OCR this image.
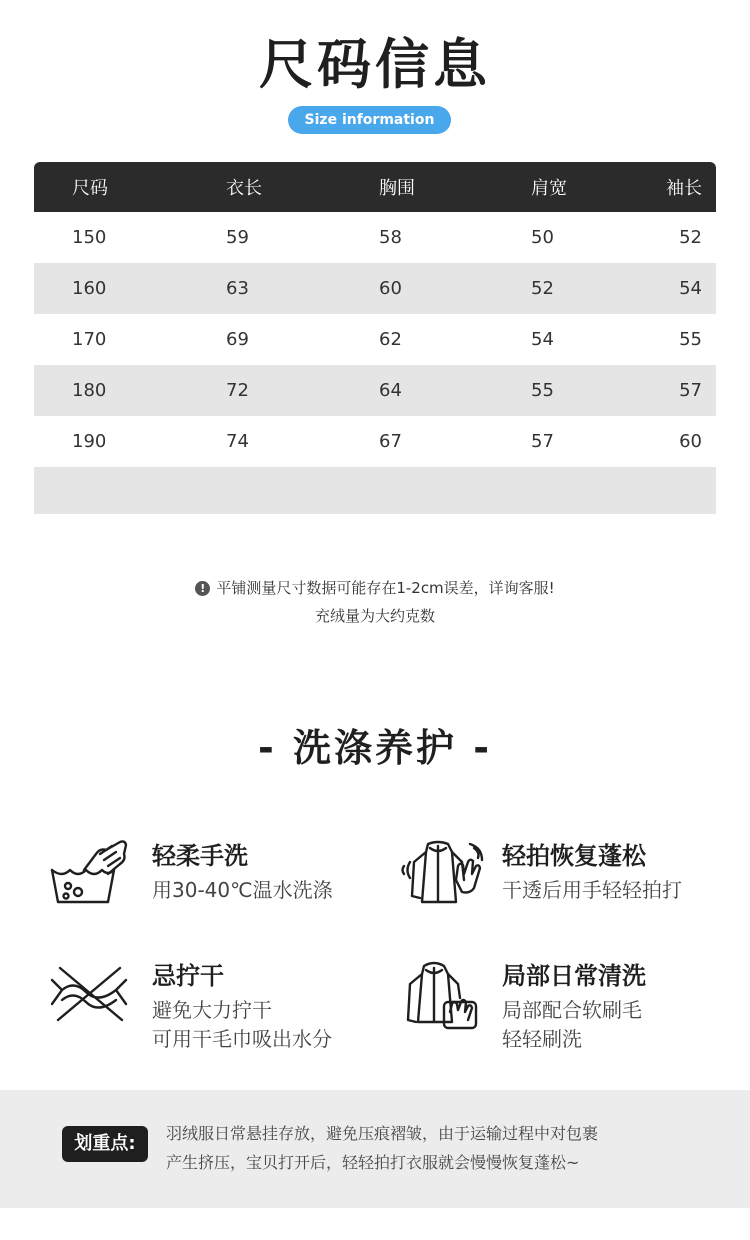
尺码信息
Size information
尺码	衣长	胸围	肩宽	袖长
150	59	58	50	52
160	63	60	52	54
170	69	62	54	55
180	72	64	55	57
190	74	67	57	60
! 平铺测量尺寸数据可能存在1-2cm误差，详询客服!
充绒量为大约克数
- 洗涤养护 -
轻柔手洗
用30-40℃温水洗涤
轻拍恢复蓬松
干透后用手轻轻拍打
忌拧干
避免大力拧干
可用干毛巾吸出水分
局部日常清洗
局部配合软刷毛
轻轻刷洗
划重点:	羽绒服日常悬挂存放，避免压痕褶皱，由于运输过程中对包裹
产生挤压，宝贝打开后，轻轻拍打衣服就会慢慢恢复蓬松~
